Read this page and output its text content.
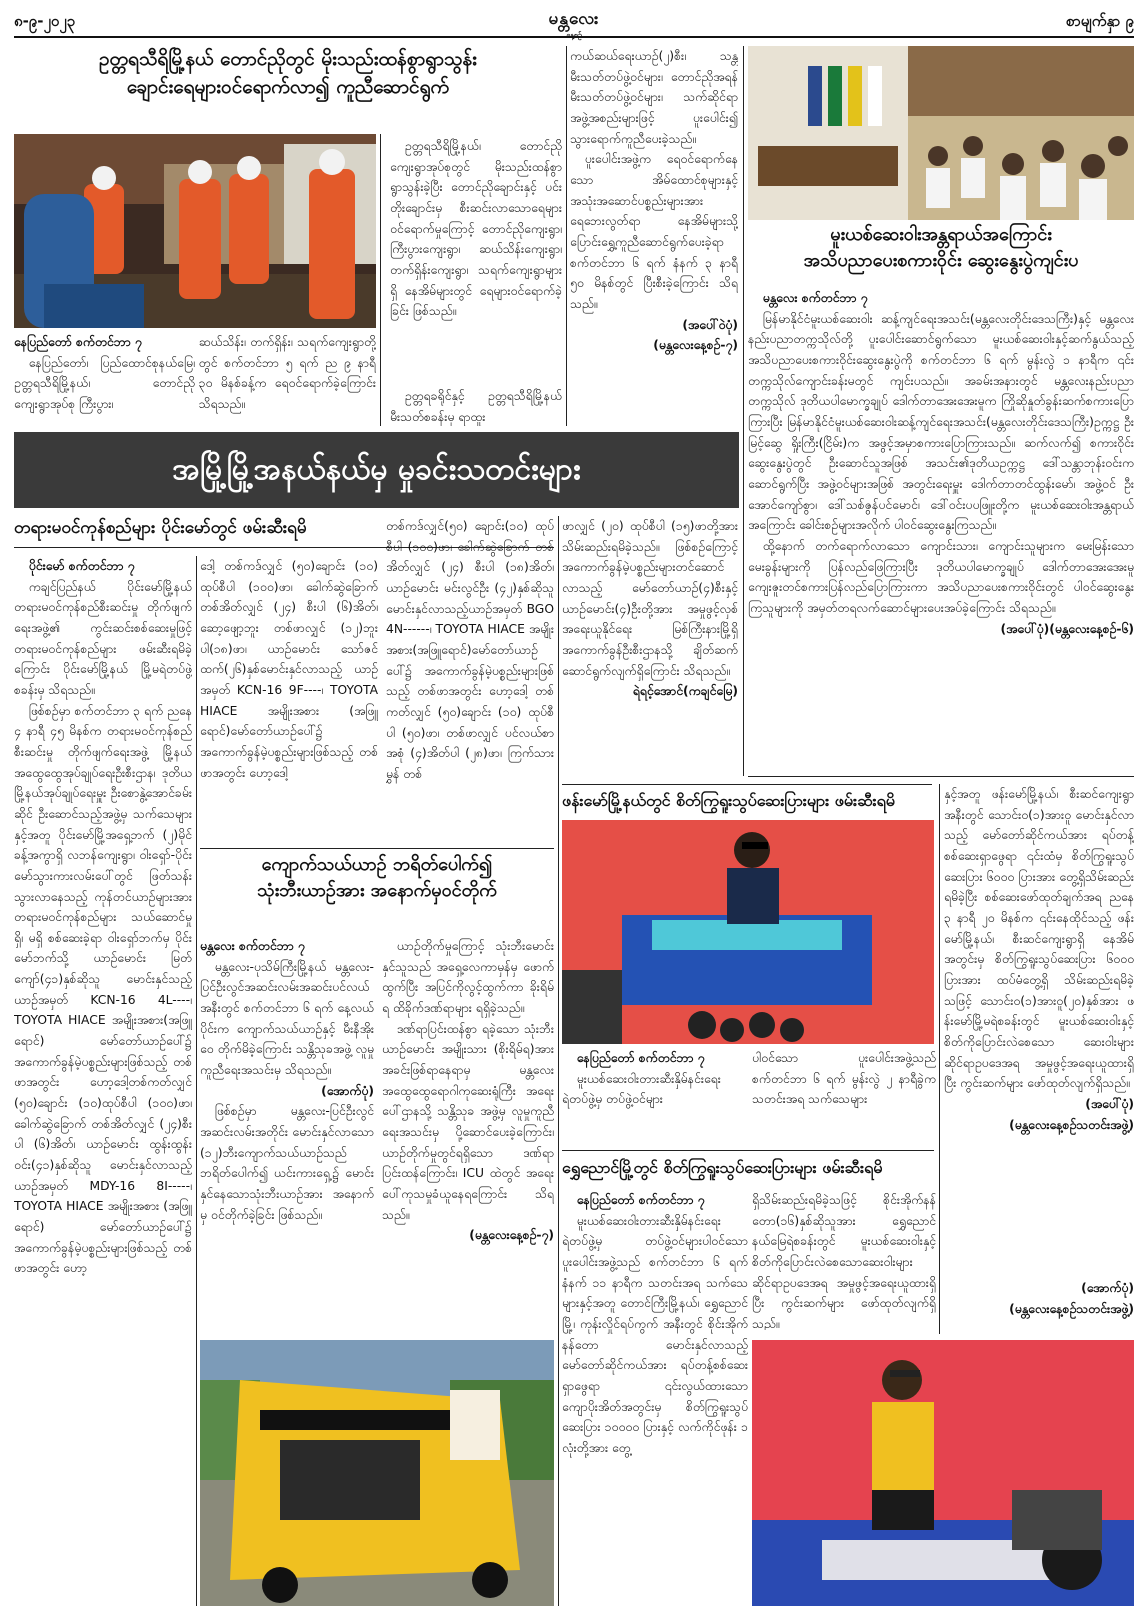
၈-၉-၂၀၂၃	မန္တလေး
နေ့စဉ်
စာမျက်နှာ ၉
ဥတ္တရသီရိမြို့နယ် တောင်ညိုတွင် မိုးသည်းထန်စွာရွာသွန်း
ချောင်းရေများဝင်ရောက်လာ၍ ကူညီဆောင်ရွက်
နေပြည်တော် စက်တင်ဘာ ၇	ဆယ်သိန်း၊ တက်ရှိန်း၊ သရက်ကျေးရွာတို့တွင် စက်တင်ဘာ ၅ ရက် ည ၉ နာရီ ၃၀ မိနစ်ခန့်က ရေဝင်ရောက်ခဲ့ကြောင်း သိရသည်။

နေပြည်တော်၊ ပြည်ထောင်စုနယ်မြေ၊ ဥတ္တရသီရိမြို့နယ်၊ တောင်ညိုကျေးရွာအုပ်စု ကြီးပွား၊

ဥတ္တရသီရိမြို့နယ်၊ တောင်ညိုကျေးရွာအုပ်စုတွင် မိုးသည်းထန်စွာရွာသွန်းခဲ့ပြီး တောင်ညိုချောင်းနှင့် ပင်းတိုးချောင်းမှ စီးဆင်းလာသောရေများဝင်ရောက်မှုကြောင့် တောင်ညိုကျေးရွာ၊ ကြီးပွားကျေးရွာ၊ ဆယ်သိန်းကျေးရွာ၊ တက်ရှိန်းကျေးရွာ၊ သရက်ကျေးရွာများရှိ နေအိမ်များတွင် ရေများဝင်ရောက်ခဲ့ခြင်း ဖြစ်သည်။

ဥတ္တရခရိုင်နှင့် ဥတ္တရသီရိမြို့နယ် မီးသတ်စခန်းမှ ရာထူး

ကယ်ဆယ်ရေးယာဉ်(၂)စီး၊ သန္တမီးသတ်တပ်ဖွဲ့ဝင်များ၊ တောင်ညိုအရန်မီးသတ်တပ်ဖွဲ့ဝင်များ၊ သက်ဆိုင်ရာအဖွဲ့အစည်းများဖြင့် ပူးပေါင်း၍ သွားရောက်ကူညီပေးခဲ့သည်။

ပူးပေါင်းအဖွဲ့က ရေဝင်ရောက်နေသော အိမ်ထောင်စုများနှင့် အသုံးအဆောင်ပစ္စည်းများအား ရေဘေးလွတ်ရာ နေအိမ်များသို့ ပြောင်းရွှေ့ကူညီဆောင်ရွက်ပေးခဲ့ရာ စက်တင်ဘာ ၆ ရက် နံနက် ၃ နာရီ ၅၀ မိနစ်တွင် ပြီးစီးခဲ့ကြောင်း သိရသည်။

(အပေါ်ဝဲပုံ)
(မန္တလေးနေ့စဉ်-၇)
မူးယစ်ဆေးဝါးအန္တရာယ်အကြောင်း
အသိပညာပေးစကားဝိုင်း ဆွေးနွေးပွဲကျင်းပ
မန္တလေး စက်တင်ဘာ ၇

မြန်မာနိုင်ငံမူးယစ်ဆေးဝါး ဆန့်ကျင်ရေးအသင်း(မန္တလေးတိုင်းဒေသကြီး)နှင့် မန္တလေးနည်းပညာတက္ကသိုလ်တို့ ပူးပေါင်းဆောင်ရွက်သော မူးယစ်ဆေးဝါးနှင့်ဆက်နွယ်သည့် အသိပညာပေးစကားဝိုင်းဆွေးနွေးပွဲကို စက်တင်ဘာ ၆ ရက် မွန်းလွဲ ၁ နာရီက ၎င်းတက္ကသိုလ်ကျောင်းခန်းမတွင် ကျင်းပသည်။ အခမ်းအနားတွင် မန္တလေးနည်းပညာတက္ကသိုလ် ဒုတိယပါမောက္ခချုပ် ဒေါက်တာအေးအေးမူက ကြိုဆိုနှုတ်ခွန်းဆက်စကားပြောကြားပြီး မြန်မာနိုင်ငံမူးယစ်ဆေးဝါးဆန့်ကျင်ရေးအသင်း(မန္တလေးတိုင်းဒေသကြီး)ဥက္ကဋ္ဌ ဦးမြင့်ဆွေ ရှိုးကြီး(ငြိမ်း)က အဖွင့်အမှာစကားပြောကြားသည်။ ဆက်လက်၍ စကားဝိုင်းဆွေးနွေးပွဲတွင် ဦးဆောင်သူအဖြစ် အသင်း၏ဒုတိယဥက္ကဋ္ဌ ဒေါ်သန္တာဘုန်းဝင်းကဆောင်ရွက်ပြီး အဖွဲ့ဝင်များအဖြစ် အတွင်းရေးမှူး ဒေါက်တာတင်ထွန်းမော်၊ အဖွဲ့ဝင် ဦးအောင်ကျော်စွာ၊ ဒေါ်သစ်ဇွန်ပင်မောင်၊ ဒေါ်ဝင်းပပဖြူးတို့က မူးယစ်ဆေးဝါးအန္တရာယ်အကြောင်း ခေါင်းစဉ်များအလိုက် ပါဝင်ဆွေးနွေးကြသည်။

ထို့နောက် တက်ရောက်လာသော ကျောင်းသား၊ ကျောင်းသူများက မေးမြန်းသောမေးခွန်းများကို ပြန်လည်ဖြေကြားပြီး ဒုတိယပါမောက္ခချုပ် ဒေါက်တာအေးအေးမူ ကျေးဇူးတင်စကားပြန်လည်ပြောကြားကာ အသိပညာပေးစကားဝိုင်းတွင် ပါဝင်ဆွေးနွေးကြသူများကို အမှတ်တရလက်ဆောင်များပေးအပ်ခဲ့ကြောင်း သိရသည်။

(အပေါ်ပုံ)(မန္တလေးနေ့စဉ်-၆)
အမြို့မြို့အနယ်နယ်မှ မှုခင်းသတင်းများ
တရားမဝင်ကုန်စည်များ ပိုင်းမော်တွင် ဖမ်းဆီးရမိ
ပိုင်းမော် စက်တင်ဘာ ၇

ကချင်ပြည်နယ် ပိုင်းမော်မြို့နယ် တရားမဝင်ကုန်စည်စီးဆင်းမှု တိုက်ဖျက်ရေးအဖွဲ့၏ ကွင်းဆင်းစစ်ဆေးမှုဖြင့် တရားမဝင်ကုန်စည်များ ဖမ်းဆီးရမိခဲ့ကြောင်း ပိုင်းမော်မြို့နယ် မြို့မရဲတပ်ဖွဲ့စခန်းမှ သိရသည်။

ဖြစ်စဉ်မှာ စက်တင်ဘာ ၃ ရက် ညနေ ၄ နာရီ ၄၅ မိနစ်က တရားမဝင်ကုန်စည်စီးဆင်းမှု တိုက်ဖျက်ရေးအဖွဲ့ မြို့နယ်အထွေထွေအုပ်ချုပ်ရေးဦးစီးဌာန၊ ဒုတိယမြို့နယ်အုပ်ချုပ်ရေးမှူး ဦးစောနွဲ့အောင်ခမ်းဆိုင် ဦးဆောင်သည့်အဖွဲ့မှ သက်သေများနှင့်အတူ ပိုင်းမော်မြို့အရှေ့ဘက် (၂)မိုင်ခန့်အကွာရှိ လဘန်ကျေးရွာ၊ ဝါးရှော်-ပိုင်းမော်သွားကားလမ်းပေါ်တွင် ဖြတ်သန်းသွားလာနေသည့် ကုန်တင်ယာဉ်များအား တရားမဝင်ကုန်စည်များ သယ်ဆောင်မှု ရှိ၊ မရှိ စစ်ဆေးခဲ့ရာ ဝါးရှော်ဘက်မှ ပိုင်းမော်ဘက်သို့ ယာဉ်မောင်း မြတ်ကျော်(၄၁)နှစ်ဆိုသူ မောင်းနှင်သည့် ယာဉ်အမှတ် KCN-16 4L----၊ TOYOTA HIACE အမျိုးအစား(အဖြူရောင်) မော်တော်ယာဉ်ပေါ်၌ အကောက်ခွန်မဲ့ပစ္စည်းများဖြစ်သည့် တစ်ဖာအတွင်း ဟော့ဒေါ့တစ်ကတ်လျှင် (၅၀)ချောင်း (၁၀)ထုပ်စီပါ (၁၀၀)ဖာ၊ ခေါက်ဆွဲခြောက် တစ်အိတ်လျှင် (၂၄)စီးပါ (၆)အိတ်၊ ယာဉ်မောင်း ထွန်းထွန်းဝင်း(၄၁)နှစ်ဆိုသူ မောင်းနှင်လာသည့် ယာဉ်အမှတ် MDY-16 8I-----၊ TOYOTA HIACE အမျိုးအစား (အဖြူရောင်) မော်တော်ယာဉ်ပေါ်၌ အကောက်ခွန်မဲ့ပစ္စည်းများဖြစ်သည့် တစ်ဖာအတွင်း ဟော့

ဒေါ့ တစ်ကဒ်လျှင် (၅၀)ချောင်း (၁၀) ထုပ်စီပါ (၁၀၀)ဖာ၊ ခေါက်ဆွဲခြောက် တစ်အိတ်လျှင် (၂၄) စီးပါ (၆)အိတ်၊ ဆော့ဖျော့ဘူး တစ်ဖာလျှင် (၁၂)ဘူးပါ(၁၈)ဖာ၊ ယာဉ်မောင်း သော်ဇင်ထက်(၂၆)နှစ်မောင်းနှင်လာသည့် ယာဉ်အမှတ် KCN-16 9F----၊ TOYOTA HIACE အမျိုးအစား (အဖြူရောင်)မော်တော်ယာဉ်ပေါ်၌ အကောက်ခွန်မဲ့ပစ္စည်းများဖြစ်သည့် တစ်ဖာအတွင်း ဟော့ဒေါ့
တစ်ကဒ်လျှင်(၅၀) ချောင်း(၁၀) ထုပ်စီပါ (၁၀၀)ဖာ၊ ခေါက်ဆွဲခြောက် တစ်အိတ်လျှင် (၂၄) စီးပါ (၁၈)အိတ်၊ ယာဉ်မောင်း မင်းလွင်ဦး (၄၂)နှစ်ဆိုသူ မောင်းနှင်လာသည့်ယာဉ်အမှတ် BGO 4N------၊ TOYOTA HIACE အမျိုးအစား(အဖြူရောင်)မော်တော်ယာဉ်ပေါ်၌ အကောက်ခွန်မဲ့ပစ္စည်းများဖြစ်သည့် တစ်ဖာအတွင်း ဟော့ဒေါ့ တစ်ကတ်လျှင် (၅၀)ချောင်း (၁၀) ထုပ်စီပါ (၅၀)ဖာ၊ တစ်ဖာလျှင် ပင်လယ်စာအစုံ (၄)အိတ်ပါ (၂၈)ဖာ၊ ကြက်သားမွှန် တစ်
ဖာလျှင် (၂၀) ထုပ်စီပါ (၁၅)ဖာတို့အား သိမ်းဆည်းရမိခဲ့သည်။ ဖြစ်စဉ်ကြောင့် အကောက်ခွန်မဲ့ပစ္စည်းများတင်ဆောင်လာသည့် မော်တော်ယာဉ်(၄)စီးနှင့် ယာဉ်မောင်း(၄)ဦးတို့အား အမှုဖွင့်လှစ်အရေးယူနိုင်ရေး မြစ်ကြီးနားမြို့ရှိ အကောက်ခွန်ဦးစီးဌာနသို့ ချိတ်ဆက်ဆောင်ရွက်လျက်ရှိကြောင်း သိရသည်။
ရဲရင့်အောင်(ကချင်မြေ)
ကျောက်သယ်ယာဉ် ဘရိတ်ပေါက်၍
သုံးဘီးယာဉ်အား အနောက်မှဝင်တိုက်
မန္တလေး စက်တင်ဘာ ၇

မန္တလေး-ပုသိမ်ကြီးမြို့နယ် မန္တလေး-ပြင်ဦးလွင်အဆင်းလမ်းအဆင်းပင်လယ်အနီးတွင် စက်တင်ဘာ ၆ ရက် နေ့လယ်ပိုင်းက ကျောက်သယ်ယာဉ်နှင့် မီးနီအိုးဝေ တိုက်မိခဲ့ကြောင်း သန္တိသုခအဖွဲ့ လူမှုကူညီရေးအသင်းမှ သိရသည်။

(အောက်ပုံ)

ဖြစ်စဉ်မှာ မန္တလေး-ပြင်ဦးလွင်အဆင်းလမ်းအတိုင်း မောင်းနှင်လာသော (၁၂)ဘီးကျောက်သယ်ယာဉ်သည် ဘရိတ်ပေါက်၍ ယင်းကားရှေ့၌ မောင်းနှင်နေသောသုံးဘီးယာဉ်အား အနောက်မှ ဝင်တိုက်ခဲ့ခြင်း ဖြစ်သည်။

ယာဉ်တိုက်မှုကြောင့် သုံးဘီးမောင်းနှင်သူသည် အရှေ့လေကာမှန်မှ ဖောက်ထွက်ပြီး အပြင်ကိုလွင့်ထွက်ကာ ခိုးရိမ်ရ ထိခိုက်ဒဏ်ရာများ ရရှိခဲ့သည်။

ဒဏ်ရာပြင်းထန်စွာ ရခဲ့သော သုံးဘီး ယာဉ်မောင်း အမျိုးသား (စိုးရိမ်ရ)အား အခင်းဖြစ်ရာနေရာမှ မန္တလေးအထွေထွေရောဂါကုဆေးရုံကြီး အရေးပေါ်ဌာနသို့ သန္တိသုခ အဖွဲ့မှ လူမှုကူညီရေးအသင်းမှ ပို့ဆောင်ပေးခဲ့ကြောင်း၊ ယာဉ်တိုက်မှုတွင်ရရှိသော ဒဏ်ရာပြင်းထန်ကြောင်း၊ ICU ထဲတွင် အရေးပေါ်ကုသမှုခံယူနေရကြောင်း သိရသည်။

(မန္တလေးနေ့စဉ်-၇)
ဖန်းမော်မြို့နယ်တွင် စိတ်ကြွရူးသွပ်ဆေးပြားများ ဖမ်းဆီးရမိ
နေပြည်တော် စက်တင်ဘာ ၇

မူးယစ်ဆေးဝါးတားဆီးနှိမ်နင်းရေးရဲတပ်ဖွဲ့မှ တပ်ဖွဲ့ဝင်များ

ပါဝင်သော ပူးပေါင်းအဖွဲ့သည် စက်တင်ဘာ ၆ ရက် မွန်းလွဲ ၂ နာရီခွဲက သတင်းအရ သက်သေများ
နှင့်အတူ ဖန်းမော်မြို့နယ်၊ စီးဆင်ကျေးရွာအနီးတွင် သောင်းဝ(၁)အားဝူ မောင်းနှင်လာသည့် မော်တော်ဆိုင်ကယ်အား ရပ်တန့်စစ်ဆေးရှာဖွေရာ ၎င်းထံမှ စိတ်ကြွရူးသွပ်ဆေးပြား ၆၀၀၀ ပြားအား တွေ့ရှိသိမ်းဆည်းရမိခဲ့ပြီး စစ်ဆေးဖော်ထုတ်ချက်အရ ညနေ ၃ နာရီ ၂၀ မိနစ်က ၎င်းနေထိုင်သည့် ဖန်းမော်မြို့နယ်၊ စီးဆင်ကျေးရွာရှိ နေအိမ်အတွင်းမှ စိတ်ကြွရူးသွပ်ဆေးပြား ၆၀၀၀ ပြားအား ထပ်မံတွေ့ရှိ သိမ်းဆည်းရမိခဲ့သဖြင့် သောင်းဝ(၁)အားဝူ(၂၀)နှစ်အား ဖန်းမော်မြို့မရဲစခန်းတွင် မူးယစ်ဆေးဝါးနှင့် စိတ်ကိုပြောင်းလဲစေသော ဆေးဝါးများဆိုင်ရာဥပဒေအရ အမှုဖွင့်အရေးယူထားရှိပြီး ကွင်းဆက်များ ဖော်ထုတ်လျက်ရှိသည်။
(အပေါ်ပုံ)
(မန္တလေးနေ့စဉ်သတင်းအဖွဲ့)
ရွှေညောင်မြို့တွင် စိတ်ကြွရူးသွပ်ဆေးပြားများ ဖမ်းဆီးရမိ
နေပြည်တော် စက်တင်ဘာ ၇

မူးယစ်ဆေးဝါးတားဆီးနှိမ်နင်းရေးရဲတပ်ဖွဲ့မှ တပ်ဖွဲ့ဝင်များပါဝင်သော ပူးပေါင်းအဖွဲ့သည် စက်တင်ဘာ ၆ ရက် နံနက် ၁၁ နာရီက သတင်းအရ သက်သေများနှင့်အတူ တောင်ကြီးမြို့နယ်၊ ရွှေညောင်မြို့၊ ကုန်းလှိုင်ရပ်ကွက် အနီးတွင် စိုင်းအိုက်နန်တော မောင်းနှင်လာသည့် မော်တော်ဆိုင်ကယ်အား ရပ်တန့်စစ်ဆေးရှာဖွေရာ ၎င်းလွယ်ထားသော ကျောပိုးအိတ်အတွင်းမှ စိတ်ကြွရူးသွပ်ဆေးပြား ၁၀၀၀၀ ပြားနှင့် လက်ကိုင်ဖုန်း ၁ လုံးတို့အား တွေ့

ရှိသိမ်းဆည်းရမိခဲ့သဖြင့် စိုင်းအိုက်နန်တော(၁၆)နှစ်ဆိုသူအား ရွှေညောင်နယ်မြေရဲစခန်းတွင် မူးယစ်ဆေးဝါးနှင့် စိတ်ကိုပြောင်းလဲစေသောဆေးဝါးများဆိုင်ရာဥပဒေအရ အမှုဖွင့်အရေးယူထားရှိပြီး ကွင်းဆက်များ ဖော်ထုတ်လျက်ရှိသည်။
(အောက်ပုံ)
(မန္တလေးနေ့စဉ်သတင်းအဖွဲ့)
